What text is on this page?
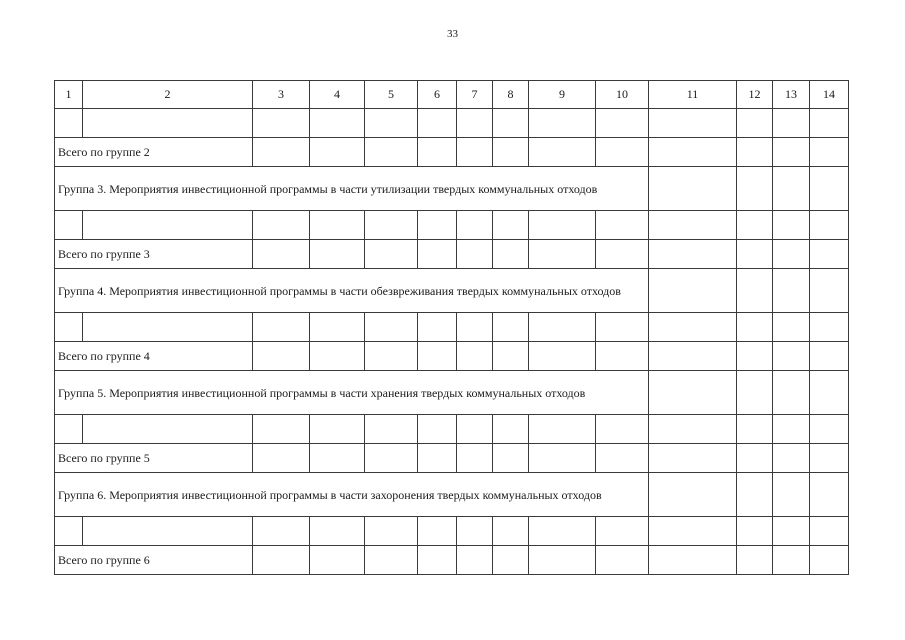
33
1	2	3	4	5	6	7	8	9	10	11	12	13	14

Всего по группе 2													
Группа 3. Мероприятия инвестиционной программы в части утилизации твердых коммунальных отходов													

Всего по группе 3													
Группа 4. Мероприятия инвестиционной программы в части обезвреживания твердых коммунальных отходов													

Всего по группе 4													
Группа 5. Мероприятия инвестиционной программы в части хранения твердых коммунальных отходов													

Всего по группе 5													
Группа 6. Мероприятия инвестиционной программы в части захоронения твердых коммунальных отходов													

Всего по группе 6													
